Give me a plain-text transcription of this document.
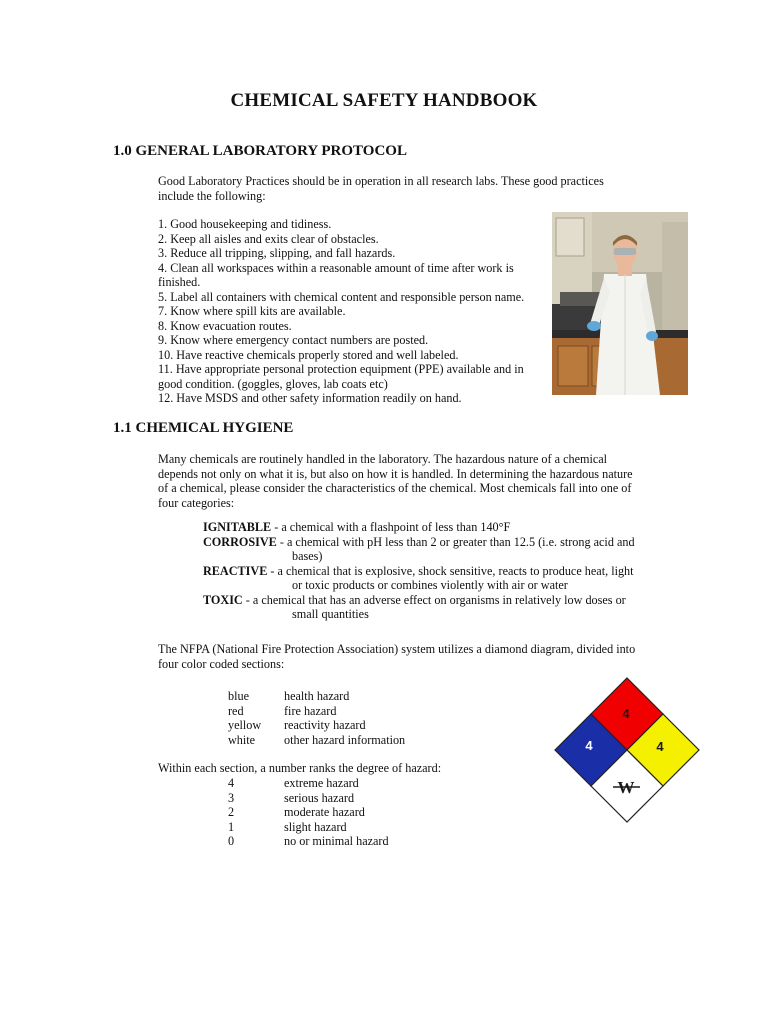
CHEMICAL SAFETY HANDBOOK
1.0 GENERAL LABORATORY PROTOCOL
Good Laboratory Practices should be in operation in all research labs. These good practices
include the following:
1. Good housekeeping and tidiness.
2. Keep all aisles and exits clear of obstacles.
3. Reduce all tripping, slipping, and fall hazards.
4. Clean all workspaces within a reasonable amount of time after work is
finished.
5. Label all containers with chemical content and responsible person name.
7. Know where spill kits are available.
8. Know evacuation routes.
9. Know where emergency contact numbers are posted.
10. Have reactive chemicals properly stored and well labeled.
11. Have appropriate personal protection equipment (PPE) available and in
good condition. (goggles, gloves, lab coats etc)
12. Have MSDS and other safety information readily on hand.
1.1 CHEMICAL HYGIENE
Many chemicals are routinely handled in the laboratory. The hazardous nature of a chemical
depends not only on what it is, but also on how it is handled. In determining the hazardous nature
of a chemical, please consider the characteristics of the chemical. Most chemicals fall into one of
four categories:
IGNITABLE - a chemical with a flashpoint of less than 140°F
CORROSIVE - a chemical with pH less than 2 or greater than 12.5 (i.e. strong acid and
bases)
REACTIVE - a chemical that is explosive, shock sensitive, reacts to produce heat, light
or toxic products or combines violently with air or water
TOXIC - a chemical that has an adverse effect on organisms in relatively low doses or
small quantities
The NFPA (National Fire Protection Association) system utilizes a diamond diagram, divided into
four color coded sections:
blue	health hazard
red	fire hazard
yellow	reactivity hazard
white	other hazard information
Within each section, a number ranks the degree of hazard:
4	extreme hazard
3	serious hazard
2	moderate hazard
1	slight hazard
0	no or minimal hazard
4
4	4
W
